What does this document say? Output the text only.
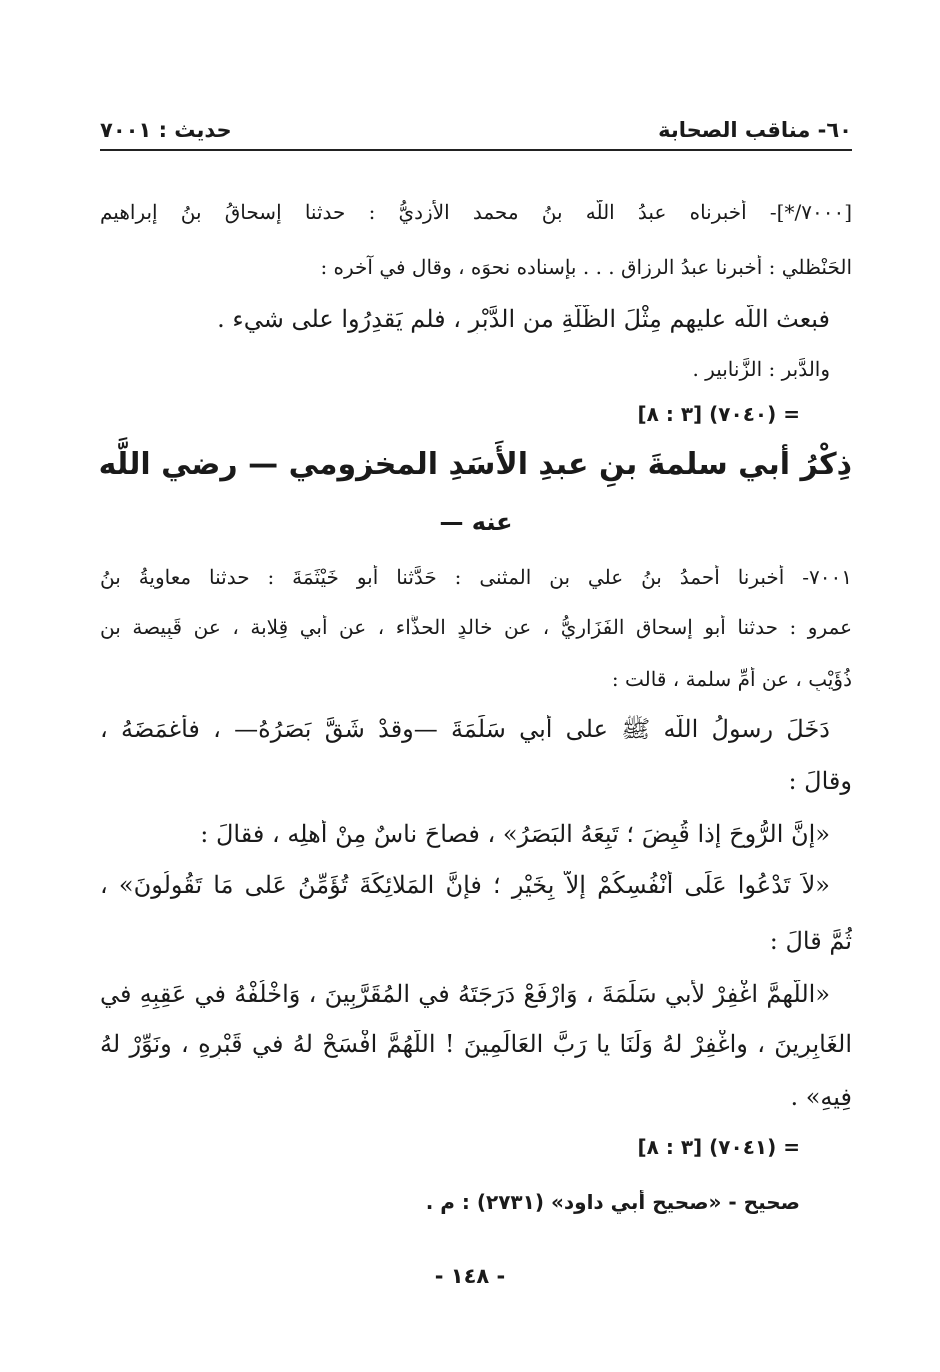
٦٠- مناقب الصحابة
حديث : ٧٠٠١
[٧٠٠٠/*]- أخبرناه عبدُ اللَّه بنُ محمد الأزديُّ : حدثنا إسحاقُ بنُ إبراهيم
الحَنْظلي : أخبرنا عبدُ الرزاق . . . بإسناده نحوَه ، وقال في آخره :
فبعث اللَّه عليهم مِثْلَ الظُّلَّةِ من الدَّبْرِ ، فلم يَقدِرُوا على شيء .
والدَّبر : الزَّنابير .
= (٧٠٤٠) [٣ : ٨]
ذِكْرُ أبي سلمةَ بنِ عبدِ الأَسَدِ المخزومي — رضي اللَّه
عنه —
٧٠٠١- أخبرنا أحمدُ بنُ علي بنِ المثنى : حَدَّثنا أبو خَيْثَمَةَ : حدثنا معاويةُ بنُ
عمرو : حدثنا أبو إسحاق الفَزَاريُّ ، عن خالدٍ الحذَّاء ، عن أبي قِلابة ، عن قَبِيصة بن
ذُؤَيْبٍ ، عن أمِّ سلمة ، قالت :
دَخَلَ رسولُ اللَّه ﷺ على أبي سَلَمَةَ —وقدْ شَقَّ بَصَرُهُ— ، فأغمَضَهُ ،
وقالَ :
«إنَّ الرُّوحَ إذا قُبِضَ ؛ تَبِعَهُ البَصَرُ» ، فصاحَ ناسٌ مِنْ أهلِه ، فقالَ :
«لاَ تَدْعُوا عَلَى أَنْفُسِكُمْ إلاَّ بِخَيْرٍ ؛ فإنَّ المَلائِكَةَ تُؤَمِّنُ عَلى مَا تَقُولُونَ» ،
ثُمَّ قالَ :
«اللَّهمَّ اغْفِرْ لأبي سَلَمَةَ ، وَارْفَعْ دَرَجَتَهُ في المُقَرَّبِينَ ، وَاخْلُفْهُ في عَقِبِهِ في
الغَابِرِينَ ، واغْفِرْ لهُ وَلَنَا يا رَبَّ العَالَمِينَ ! اللَّهُمَّ افْسَحْ لهُ في قَبْرِهِ ، ونَوِّرْ لهُ
فِيهِ» .
= (٧٠٤١) [٣ : ٨]
صحيح - «صحيح أبي داود» (٢٧٣١) : م .
- ١٤٨ -
